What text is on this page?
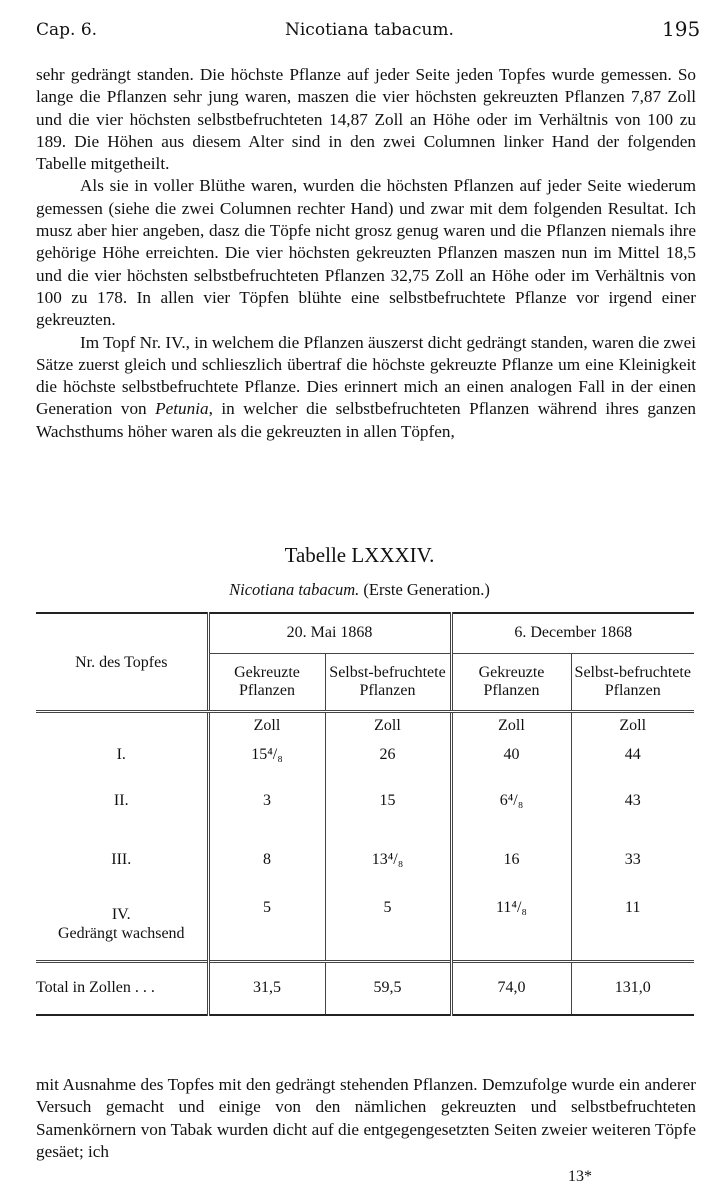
Cap. 6.	Nicotiana tabacum.	195

sehr gedrängt standen. Die höchste Pflanze auf jeder Seite jeden Topfes wurde gemessen. So lange die Pflanzen sehr jung waren, maszen die vier höchsten gekreuzten Pflanzen 7,87 Zoll und die vier höchsten selbstbefruchteten 14,87 Zoll an Höhe oder im Verhältnis von 100 zu 189. Die Höhen aus diesem Alter sind in den zwei Columnen linker Hand der folgenden Tabelle mitgetheilt.

Als sie in voller Blüthe waren, wurden die höchsten Pflanzen auf jeder Seite wiederum gemessen (siehe die zwei Columnen rechter Hand) und zwar mit dem folgenden Resultat. Ich musz aber hier angeben, dasz die Töpfe nicht grosz genug waren und die Pflanzen niemals ihre gehörige Höhe erreichten. Die vier höchsten gekreuzten Pflanzen maszen nun im Mittel 18,5 und die vier höchsten selbstbefruchteten Pflanzen 32,75 Zoll an Höhe oder im Verhältnis von 100 zu 178. In allen vier Töpfen blühte eine selbstbefruchtete Pflanze vor irgend einer gekreuzten.

Im Topf Nr. IV., in welchem die Pflanzen äuszerst dicht gedrängt standen, waren die zwei Sätze zuerst gleich und schlieszlich übertraf die höchste gekreuzte Pflanze um eine Kleinigkeit die höchste selbstbefruchtete Pflanze. Dies erinnert mich an einen analogen Fall in der einen Generation von Petunia, in welcher die selbstbefruchteten Pflanzen während ihres ganzen Wachsthums höher waren als die gekreuzten in allen Töpfen,

Tabelle LXXXIV.
Nicotiana tabacum. (Erste Generation.)
Nr. des Topfes	20. Mai 1868		6. December 1868	
	Gekreuzte Pflanzen	Selbst-befruchtete Pflanzen	Gekreuzte Pflanzen	Selbst-befruchtete Pflanzen
	Zoll	Zoll	Zoll	Zoll
I.	15⁴/₈	26	40	44
II.	3	15	6⁴/₈	43
III.	8	13⁴/₈	16	33
IV.
Gedrängt wachsend	5	5	11⁴/₈	11
Total in Zollen . . .	31,5	59,5	74,0	131,0

mit Ausnahme des Topfes mit den gedrängt stehenden Pflanzen. Demzufolge wurde ein anderer Versuch gemacht und einige von den nämlichen gekreuzten und selbstbefruchteten Samenkörnern von Tabak wurden dicht auf die entgegengesetzten Seiten zweier weiteren Töpfe gesäet; ich

13*
